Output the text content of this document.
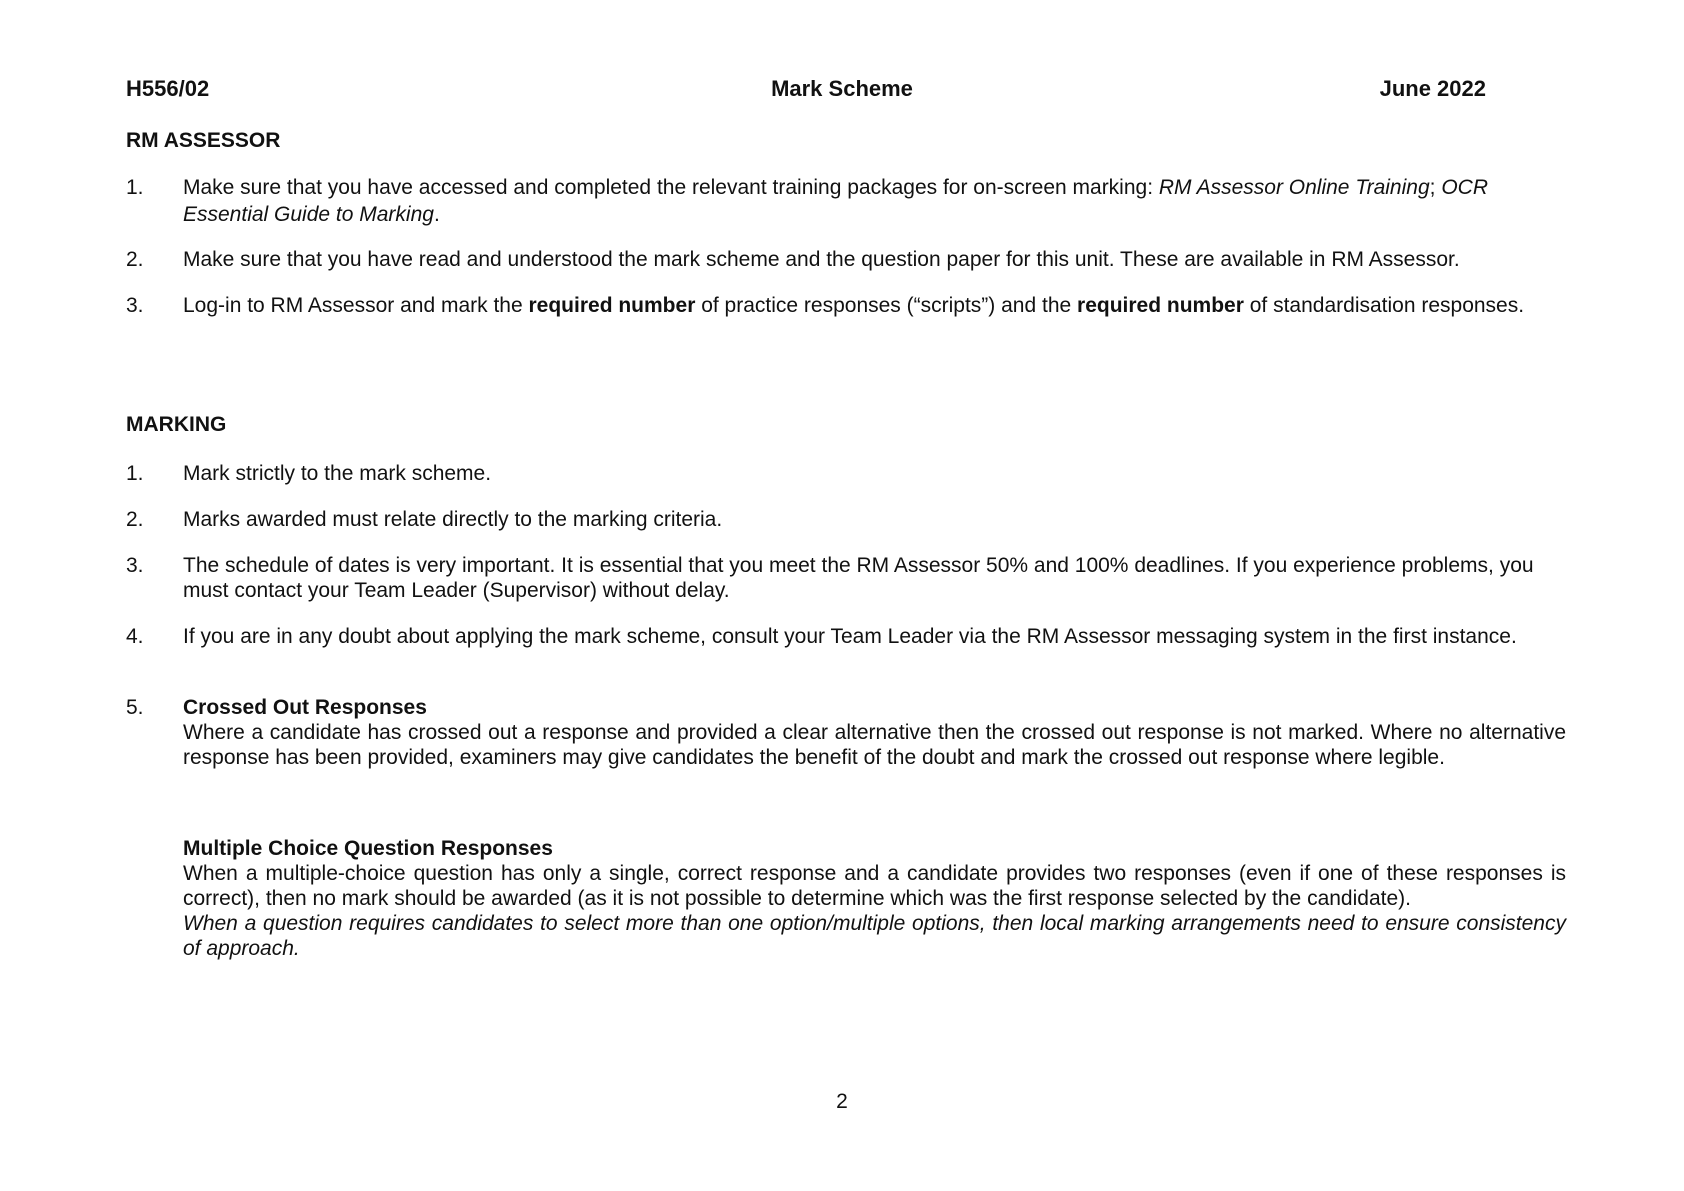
H556/02	Mark Scheme	June 2022
RM ASSESSOR
1.	Make sure that you have accessed and completed the relevant training packages for on-screen marking: RM Assessor Online Training; OCR Essential Guide to Marking.
2.	Make sure that you have read and understood the mark scheme and the question paper for this unit. These are available in RM Assessor.
3.	Log-in to RM Assessor and mark the required number of practice responses (“scripts”) and the required number of standardisation responses.
MARKING
1.	Mark strictly to the mark scheme.
2.	Marks awarded must relate directly to the marking criteria.
3.	The schedule of dates is very important. It is essential that you meet the RM Assessor 50% and 100% deadlines. If you experience problems, you must contact your Team Leader (Supervisor) without delay.
4.	If you are in any doubt about applying the mark scheme, consult your Team Leader via the RM Assessor messaging system in the first instance.
5.	Crossed Out Responses
Where a candidate has crossed out a response and provided a clear alternative then the crossed out response is not marked. Where no alternative response has been provided, examiners may give candidates the benefit of the doubt and mark the crossed out response where legible.
Multiple Choice Question Responses
When a multiple-choice question has only a single, correct response and a candidate provides two responses (even if one of these responses is correct), then no mark should be awarded (as it is not possible to determine which was the first response selected by the candidate).
When a question requires candidates to select more than one option/multiple options, then local marking arrangements need to ensure consistency of approach.
2
